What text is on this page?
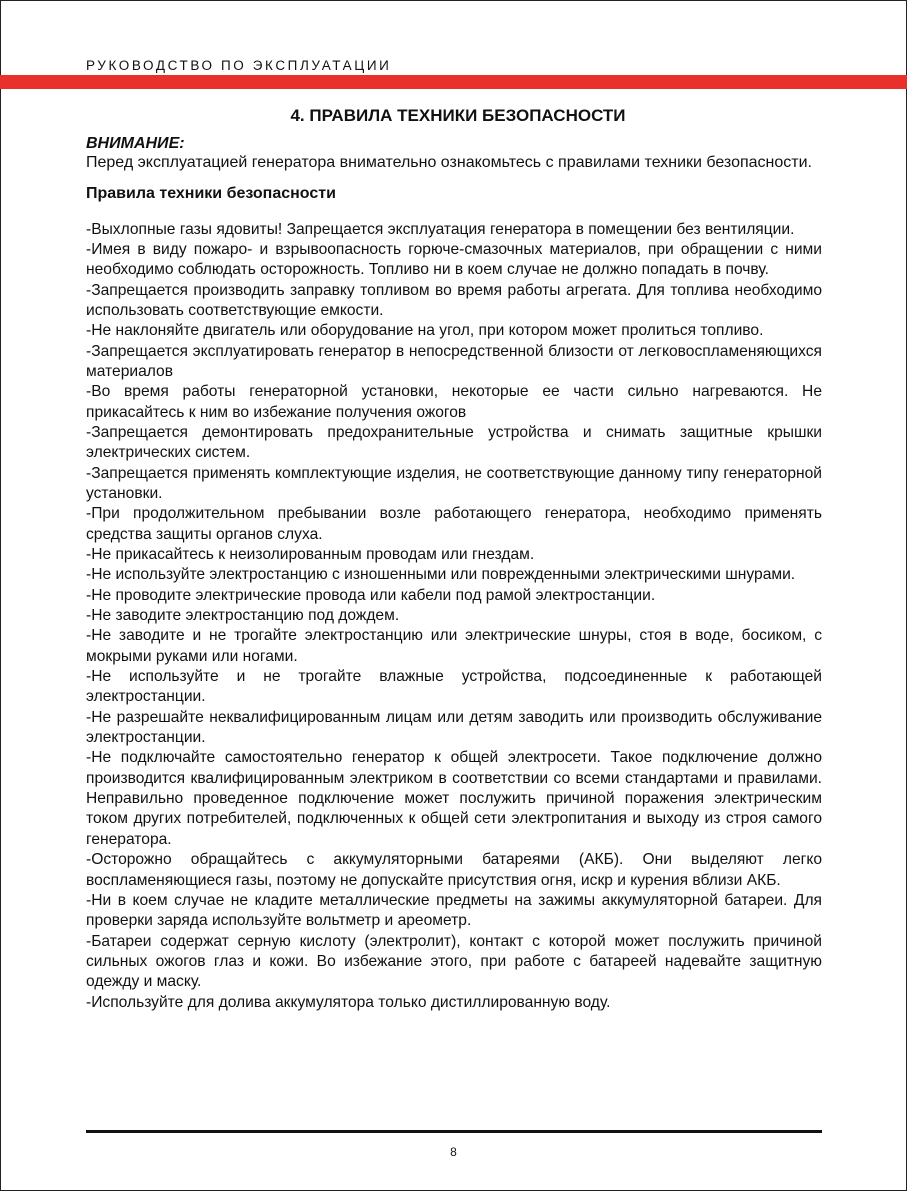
РУКОВОДСТВО ПО ЭКСПЛУАТАЦИИ
4. ПРАВИЛА ТЕХНИКИ БЕЗОПАСНОСТИ

ВНИМАНИЕ:

Перед эксплуатацией генератора внимательно ознакомьтесь с правилами техники безопасности.

Правила техники безопасности

-Выхлопные газы ядовиты! Запрещается эксплуатация генератора в помещении без вентиляции.
-Имея в виду пожаро- и взрывоопасность горюче-смазочных материалов, при обращении с ними необходимо соблюдать осторожность. Топливо ни в коем случае не должно попадать в почву.
-Запрещается производить заправку топливом во время работы агрегата. Для топлива необходимо использовать соответствующие емкости.
-Не наклоняйте двигатель или оборудование на угол, при котором может пролиться топливо.
-Запрещается эксплуатировать генератор в непосредственной близости от легковоспламеняющихся материалов
-Во время работы генераторной установки, некоторые ее части сильно нагреваются. Не прикасайтесь к ним во избежание получения ожогов
-Запрещается демонтировать предохранительные устройства и снимать защитные крышки электрических систем.
-Запрещается применять комплектующие изделия, не соответствующие данному типу генераторной установки.
-При продолжительном пребывании возле работающего генератора, необходимо применять средства защиты органов слуха.
-Не прикасайтесь к неизолированным проводам или гнездам.
-Не используйте электростанцию с изношенными или поврежденными электрическими шнурами.
-Не проводите электрические провода или кабели под рамой электростанции.
-Не заводите электростанцию под дождем.
-Не заводите и не трогайте электростанцию или электрические шнуры, стоя в воде, босиком, с мокрыми руками или ногами.
-Не используйте и не трогайте влажные устройства, подсоединенные к работающей электростанции.
-Не разрешайте неквалифицированным лицам или детям заводить или производить обслуживание электростанции.
-Не подключайте самостоятельно генератор к общей электросети. Такое подключение должно производится квалифицированным электриком в соответствии со всеми стандартами и правилами. Неправильно проведенное подключение может послужить причиной поражения электрическим током других потребителей, подключенных к общей сети электропитания и выходу из строя самого генератора.
-Осторожно обращайтесь с аккумуляторными батареями (АКБ). Они выделяют легко воспламеняющиеся газы, поэтому не допускайте присутствия огня, искр и курения вблизи АКБ.
-Ни в коем случае не кладите металлические предметы на зажимы аккумуляторной батареи. Для проверки заряда используйте вольтметр и ареометр.
-Батареи содержат серную кислоту (электролит), контакт с которой может послужить причиной сильных ожогов глаз и кожи. Во избежание этого, при работе с батареей надевайте защитную одежду и маску.
-Используйте для долива аккумулятора только дистиллированную воду.
8
